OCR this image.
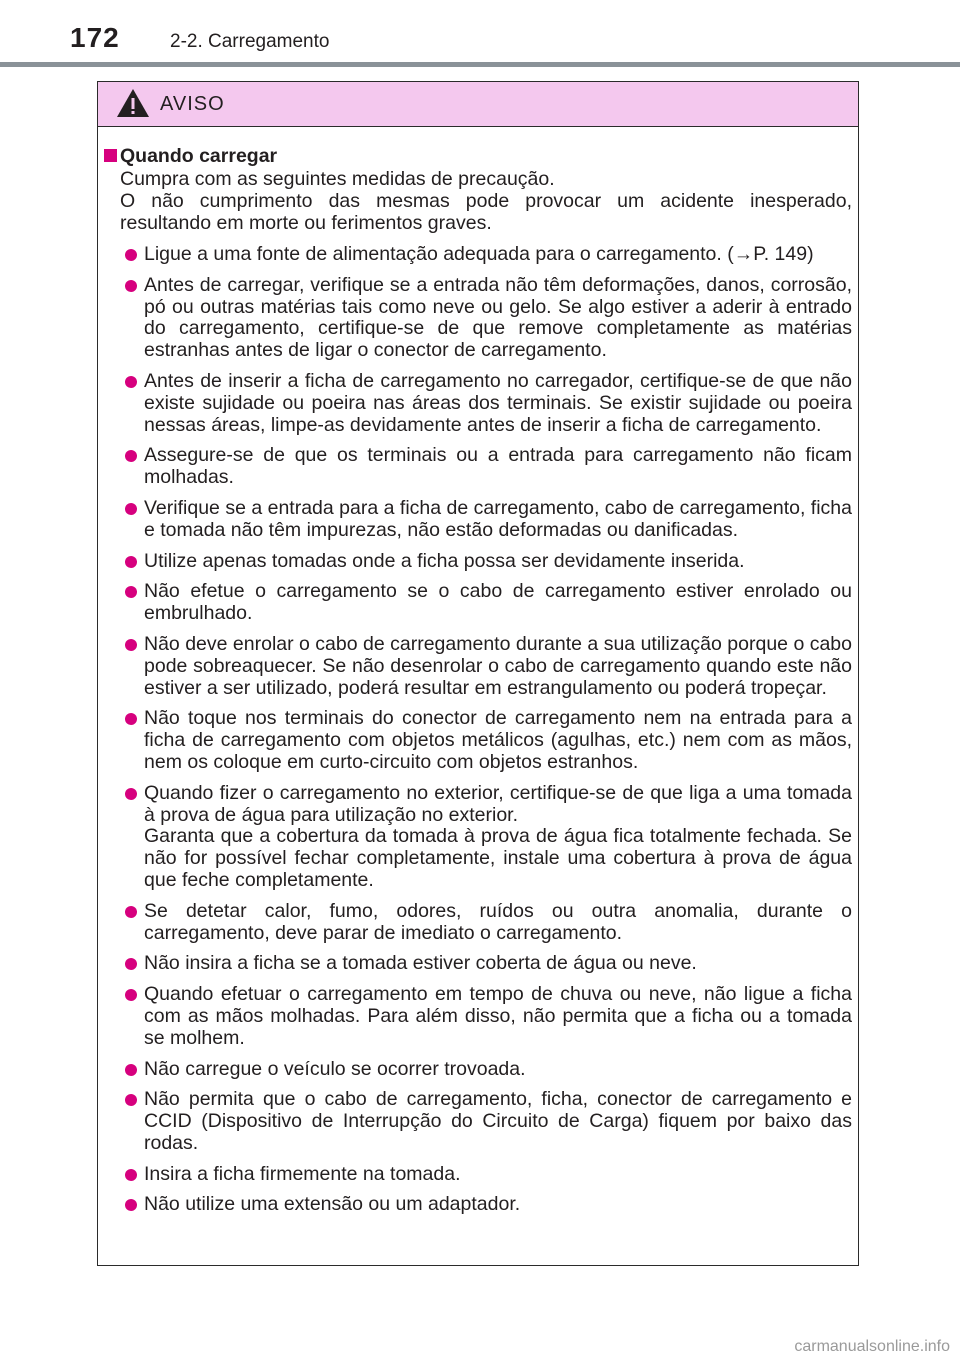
172	2-2. Carregamento
AVISO
Quando carregar
Cumpra com as seguintes medidas de precaução.
O não cumprimento das mesmas pode provocar um acidente inesperado, resultando em morte ou ferimentos graves.
Ligue a uma fonte de alimentação adequada para o carregamento. (→P. 149)
Antes de carregar, verifique se a entrada não têm deformações, danos, corrosão, pó ou outras matérias tais como neve ou gelo. Se algo estiver a aderir à entrado do carregamento, certifique-se de que remove completamente as matérias estranhas antes de ligar o conector de carregamento.
Antes de inserir a ficha de carregamento no carregador, certifique-se de que não existe sujidade ou poeira nas áreas dos terminais. Se existir sujidade ou poeira nessas áreas, limpe-as devidamente antes de inserir a ficha de carregamento.
Assegure-se de que os terminais ou a entrada para carregamento não ficam molhadas.
Verifique se a entrada para a ficha de carregamento, cabo de carregamento, ficha e tomada não têm impurezas, não estão deformadas ou danificadas.
Utilize apenas tomadas onde a ficha possa ser devidamente inserida.
Não efetue o carregamento se o cabo de carregamento estiver enrolado ou embrulhado.
Não deve enrolar o cabo de carregamento durante a sua utilização porque o cabo pode sobreaquecer. Se não desenrolar o cabo de carregamento quando este não estiver a ser utilizado, poderá resultar em estrangulamento ou poderá tropeçar.
Não toque nos terminais do conector de carregamento nem na entrada para a ficha de carregamento com objetos metálicos (agulhas, etc.) nem com as mãos, nem os coloque em curto-circuito com objetos estranhos.
Quando fizer o carregamento no exterior, certifique-se de que liga a uma tomada à prova de água para utilização no exterior.
Garanta que a cobertura da tomada à prova de água fica totalmente fechada. Se não for possível fechar completamente, instale uma cobertura à prova de água que feche completamente.
Se detetar calor, fumo, odores, ruídos ou outra anomalia, durante o carregamento, deve parar de imediato o carregamento.
Não insira a ficha se a tomada estiver coberta de água ou neve.
Quando efetuar o carregamento em tempo de chuva ou neve, não ligue a ficha com as mãos molhadas. Para além disso, não permita que a ficha ou a tomada se molhem.
Não carregue o veículo se ocorrer trovoada.
Não permita que o cabo de carregamento, ficha, conector de carregamento e CCID (Dispositivo de Interrupção do Circuito de Carga) fiquem por baixo das rodas.
Insira a ficha firmemente na tomada.
Não utilize uma extensão ou um adaptador.
carmanualsonline.info
